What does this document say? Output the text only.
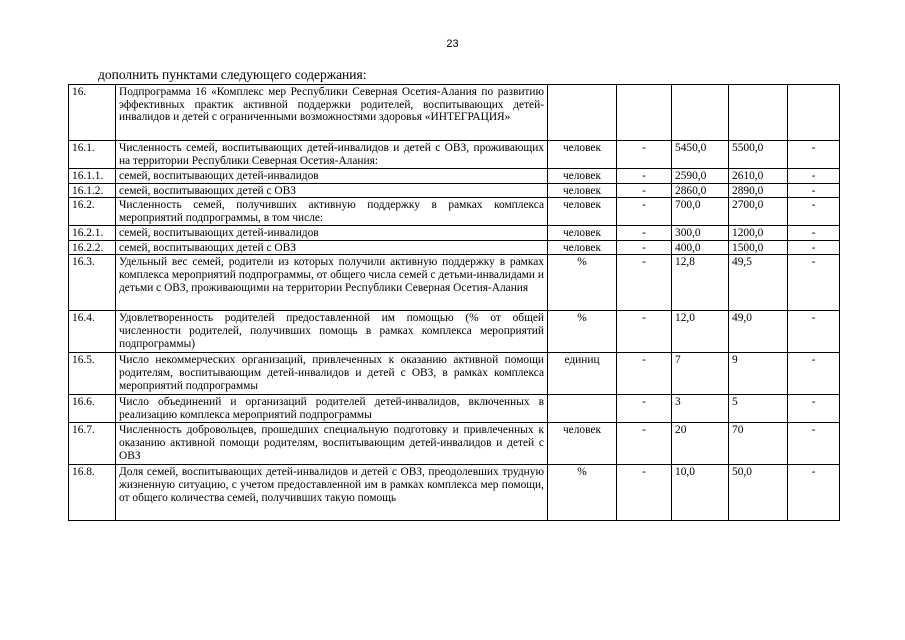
23
дополнить пунктами следующего содержания:
16.	Подпрограмма 16 «Комплекс мер Республики Северная Осетия-Алания по развитию эффективных практик активной поддержки родителей, воспитывающих детей-инвалидов и детей с ограниченными возможностями здоровья «ИНТЕГРАЦИЯ»					
16.1.	Численность семей, воспитывающих детей-инвалидов и детей с ОВЗ, проживающих на территории Республики Северная Осетия-Алания:	человек	-	5450,0	5500,0	-
16.1.1.	семей, воспитывающих детей-инвалидов	человек	-	2590,0	2610,0	-
16.1.2.	семей, воспитывающих детей с ОВЗ	человек	-	2860,0	2890,0	-
16.2.	Численность семей, получивших активную поддержку в рамках комплекса мероприятий подпрограммы, в том числе:	человек	-	700,0	2700,0	-
16.2.1.	семей, воспитывающих детей-инвалидов	человек	-	300,0	1200,0	-
16.2.2.	семей, воспитывающих детей с ОВЗ	человек	-	400,0	1500,0	-
16.3.	Удельный вес семей, родители из которых получили активную поддержку в рамках комплекса мероприятий подпрограммы, от общего числа семей с детьми-инвалидами и детьми с ОВЗ, проживающими на территории Республики Северная Осетия-Алания	%	-	12,8	49,5	-
16.4.	Удовлетворенность родителей предоставленной им помощью (% от общей численности родителей, получивших помощь в рамках комплекса мероприятий подпрограммы)	%	-	12,0	49,0	-
16.5.	Число некоммерческих организаций, привлеченных к оказанию активной помощи родителям, воспитывающим детей-инвалидов и детей с ОВЗ, в рамках комплекса мероприятий подпрограммы	единиц	-	7	9	-
16.6.	Число объединений и организаций родителей детей-инвалидов, включенных в реализацию комплекса мероприятий подпрограммы		-	3	5	-
16.7.	Численность добровольцев, прошедших специальную подготовку и привлеченных к оказанию активной помощи родителям, воспитывающим детей-инвалидов и детей с ОВЗ	человек	-	20	70	-
16.8.	Доля семей, воспитывающих детей-инвалидов и детей с ОВЗ, преодолевших трудную жизненную ситуацию, с учетом предоставленной им в рамках комплекса мер помощи, от общего количества семей, получивших такую помощь	%	-	10,0	50,0	-
